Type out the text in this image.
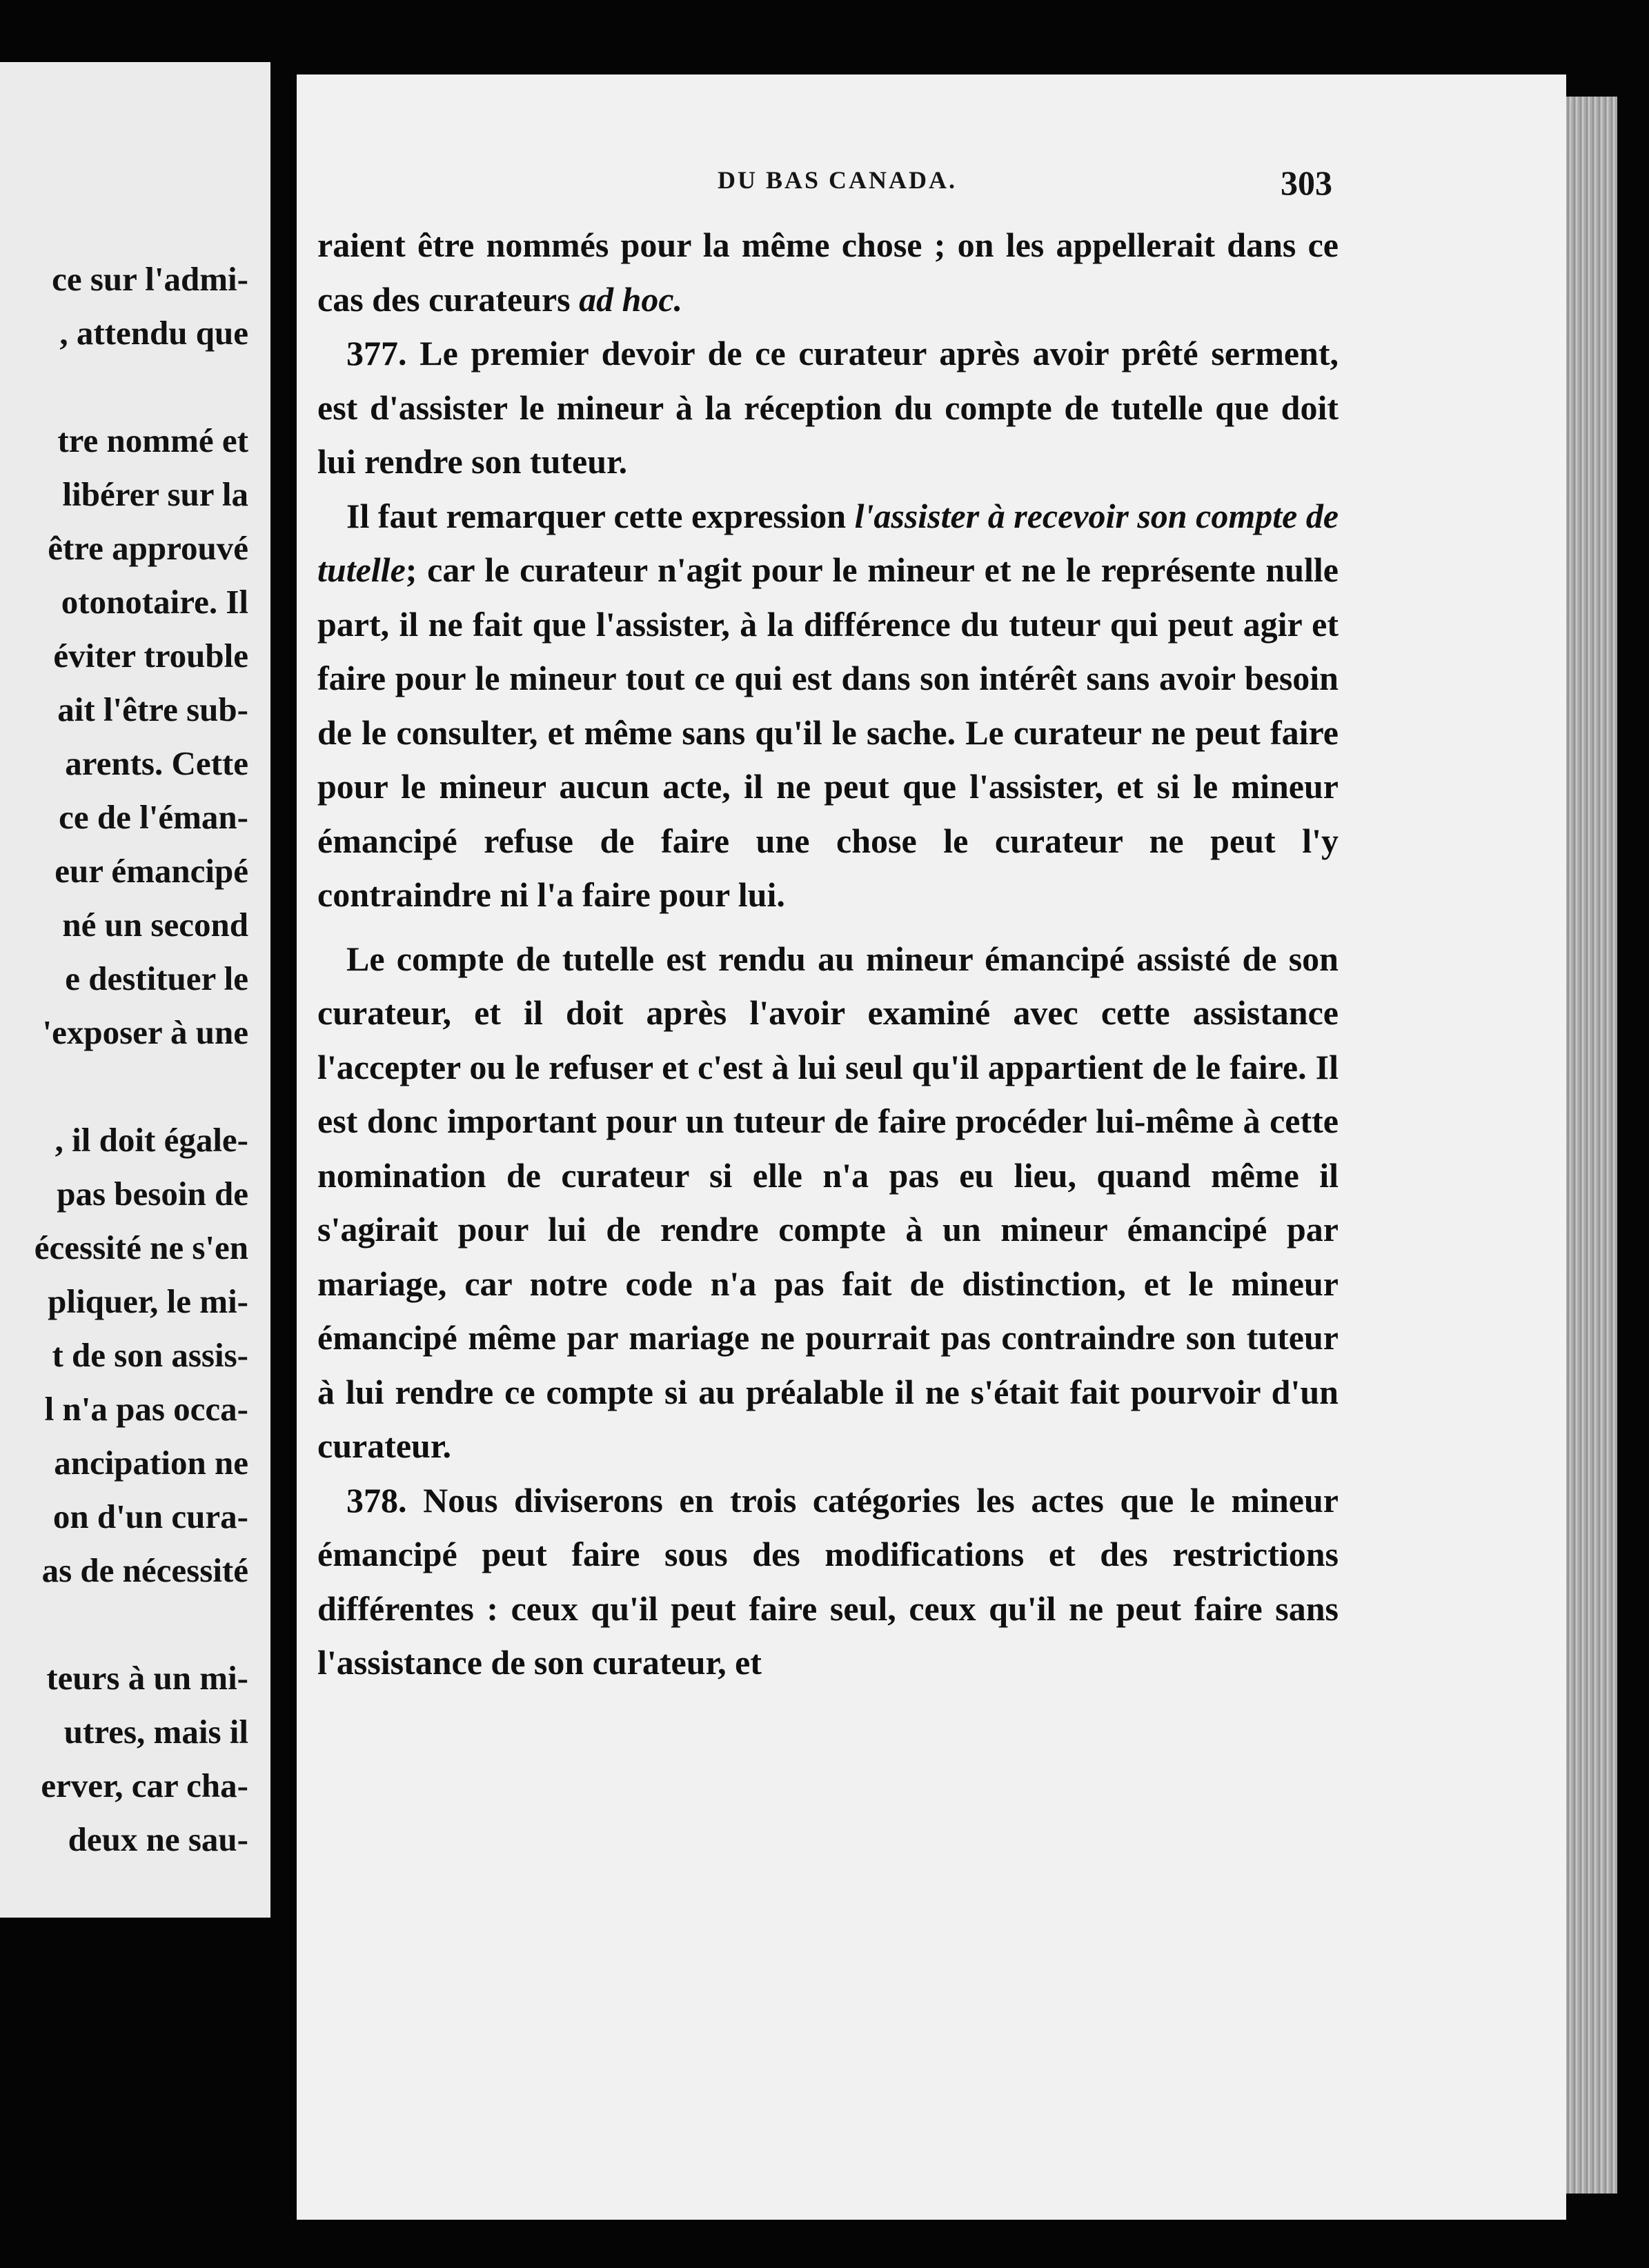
ce sur l'admi-
, attendu que
tre nommé et
libérer sur la
être approuvé
otonotaire. Il
éviter trouble
ait l'être sub-
arents. Cette
ce de l'éman-
eur émancipé
né un second
e destituer le
'exposer à une
, il doit égale-
pas besoin de
écessité ne s'en
pliquer, le mi-
t de son assis-
l n'a pas occa-
ancipation ne
on d'un cura-
as de nécessité
teurs à un mi-
utres, mais il
erver, car cha-
deux ne sau-
DU BAS CANADA.	303

raient être nommés pour la même chose ; on les appellerait dans ce cas des curateurs ad hoc.

377. Le premier devoir de ce curateur après avoir prêté serment, est d'assister le mineur à la réception du compte de tutelle que doit lui rendre son tuteur.

Il faut remarquer cette expression l'assister à recevoir son compte de tutelle; car le curateur n'agit pour le mineur et ne le représente nulle part, il ne fait que l'assister, à la différence du tuteur qui peut agir et faire pour le mineur tout ce qui est dans son intérêt sans avoir besoin de le consulter, et même sans qu'il le sache. Le curateur ne peut faire pour le mineur aucun acte, il ne peut que l'assister, et si le mineur émancipé refuse de faire une chose le curateur ne peut l'y contraindre ni l'a faire pour lui.

Le compte de tutelle est rendu au mineur émancipé assisté de son curateur, et il doit après l'avoir examiné avec cette assistance l'accepter ou le refuser et c'est à lui seul qu'il appartient de le faire. Il est donc important pour un tuteur de faire procéder lui-même à cette nomination de curateur si elle n'a pas eu lieu, quand même il s'agirait pour lui de rendre compte à un mineur émancipé par mariage, car notre code n'a pas fait de distinction, et le mineur émancipé même par mariage ne pourrait pas contraindre son tuteur à lui rendre ce compte si au préalable il ne s'était fait pourvoir d'un curateur.

378. Nous diviserons en trois catégories les actes que le mineur émancipé peut faire sous des modifications et des restrictions différentes : ceux qu'il peut faire seul, ceux qu'il ne peut faire sans l'assistance de son curateur, et
